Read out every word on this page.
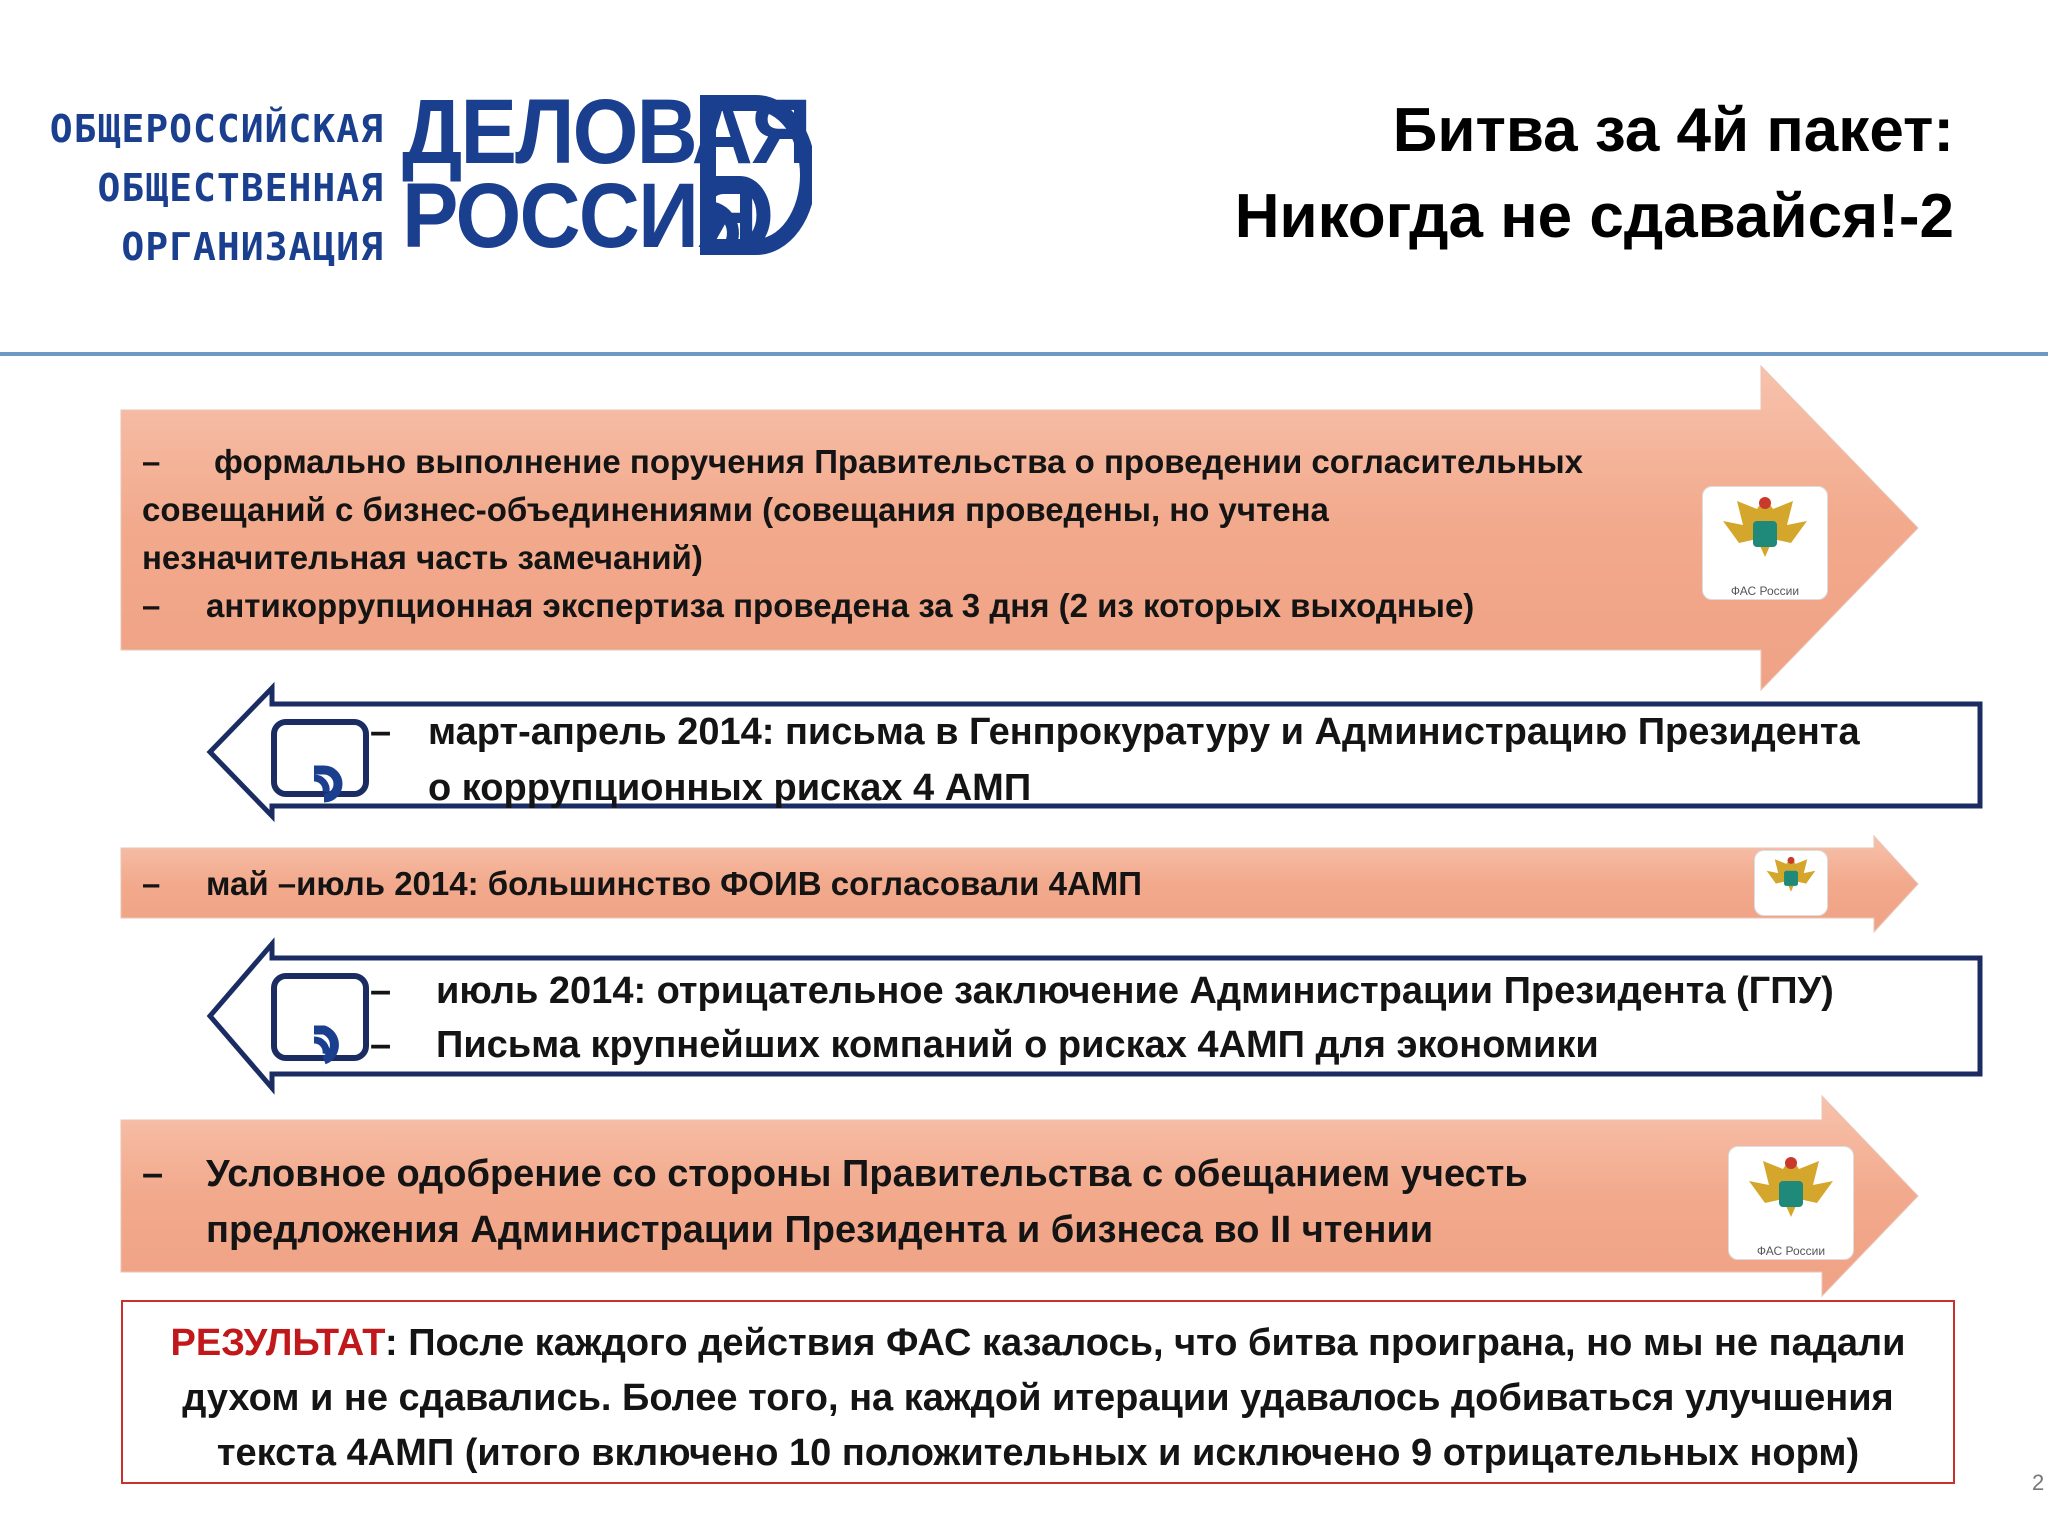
ОБЩЕРОССИЙСКАЯ
ОБЩЕСТВЕННАЯ
ОРГАНИЗАЦИЯ
ДЕЛОВАЯ
РОССИЯ
Битва за 4й пакет:
Никогда не сдавайся!-2
ФАС России
ФАС России
– формально выполнение поручения Правительства о проведении согласительных
совещаний с бизнес-объединениями (совещания проведены, но учтена
незначительная часть замечаний)
– антикоррупционная экспертиза проведена за 3 дня (2 из которых выходные)
– март-апрель 2014: письма в Генпрокуратуру и Администрацию Президента
о коррупционных рисках 4 АМП
– май –июль 2014: большинство ФОИВ согласовали 4АМП
– июль 2014: отрицательное заключение Администрации Президента (ГПУ)
– Письма крупнейших компаний о рисках 4АМП для экономики
– Условное одобрение со стороны Правительства с обещанием учесть
предложения Администрации Президента и бизнеса во II чтении
РЕЗУЛЬТАТ: После каждого действия ФАС казалось, что битва проиграна, но мы не падали
духом и не сдавались. Более того, на каждой итерации удавалось добиваться улучшения
текста 4АМП (итого включено 10 положительных и исключено 9 отрицательных норм)
2
